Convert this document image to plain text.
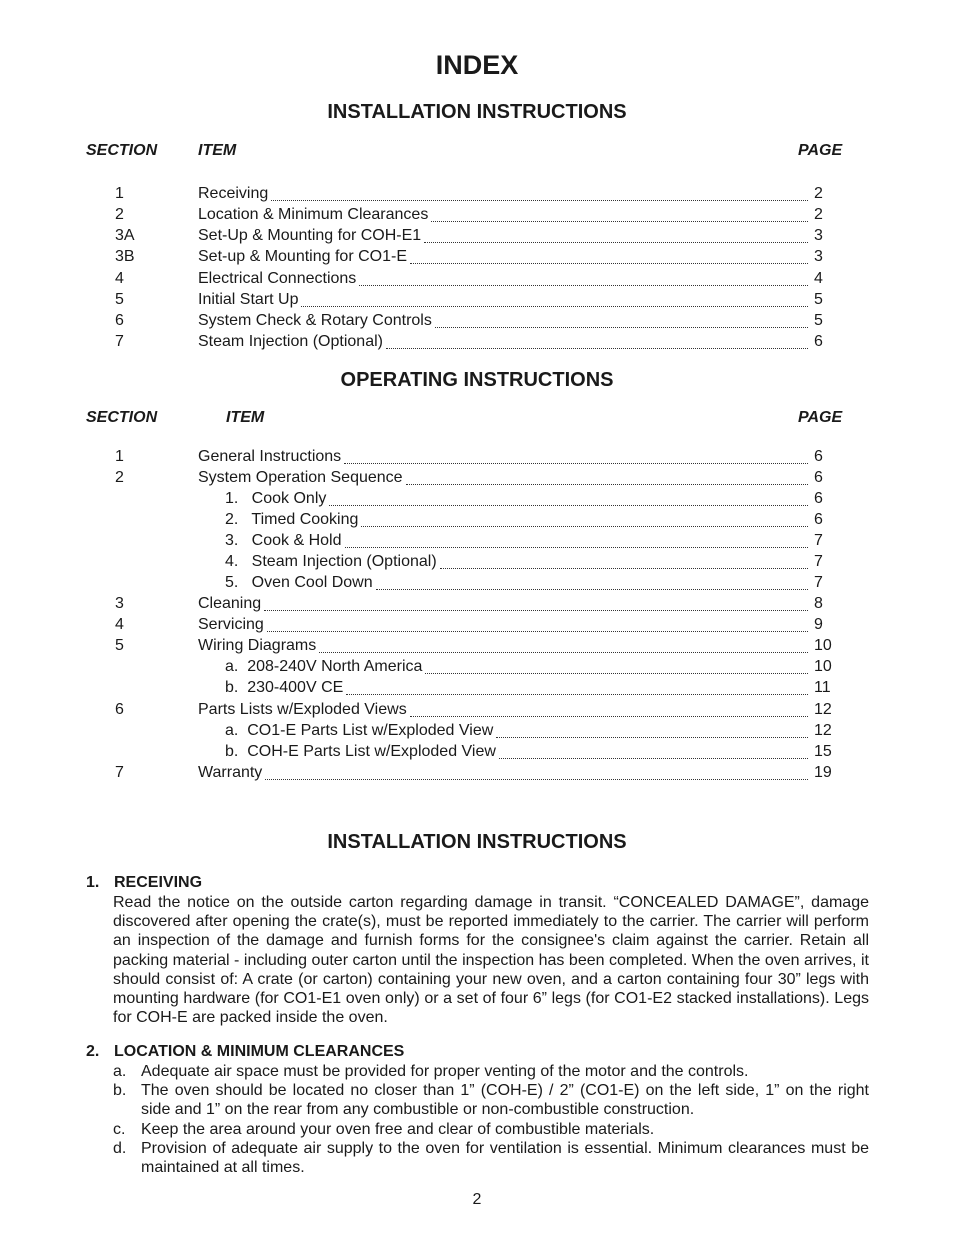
INDEX
INSTALLATION INSTRUCTIONS
SECTION	ITEM	PAGE
1	Receiving	2
2	Location & Minimum Clearances	2
3A	Set-Up & Mounting for COH-E1	3
3B	Set-up & Mounting for CO1-E	3
4	Electrical Connections	4
5	Initial Start Up	5
6	System Check & Rotary Controls	5
7	Steam Injection (Optional)	6
OPERATING INSTRUCTIONS
SECTION	ITEM	PAGE
1	General Instructions	6
2	System Operation Sequence	6
1.   Cook Only	6
2.   Timed Cooking	6
3.   Cook & Hold	7
4.   Steam Injection (Optional)	7
5.   Oven Cool Down	7
3	Cleaning	8
4	Servicing	9
5	Wiring Diagrams	10
a.  208-240V North America	10
b.  230-400V CE	11
6	Parts Lists w/Exploded Views	12
a.  CO1-E Parts List w/Exploded View	12
b.  COH-E Parts List w/Exploded View	15
7	Warranty	19
INSTALLATION INSTRUCTIONS
1. RECEIVING
Read the notice on the outside carton regarding damage in transit. “CONCEALED DAMAGE”, damage discovered after opening the crate(s), must be reported immediately to the carrier. The carrier will perform an inspection of the damage and furnish forms for the consignee's claim against the carrier. Retain all packing material - including outer carton until the inspection has been completed. When the oven arrives, it should consist of: A crate (or carton) containing your new oven, and a carton containing four 30” legs with mounting hardware (for CO1-E1 oven only) or a set of four 6” legs (for CO1-E2 stacked installations). Legs for COH-E are packed inside the oven.
2. LOCATION & MINIMUM CLEARANCES
a. Adequate air space must be provided for proper venting of the motor and the controls.
b. The oven should be located no closer than 1” (COH-E) / 2” (CO1-E) on the left side, 1” on the right side and 1” on the rear from any combustible or non-combustible construction.
c. Keep the area around your oven free and clear of combustible materials.
d. Provision of adequate air supply to the oven for ventilation is essential. Minimum clearances must be maintained at all times.
2
